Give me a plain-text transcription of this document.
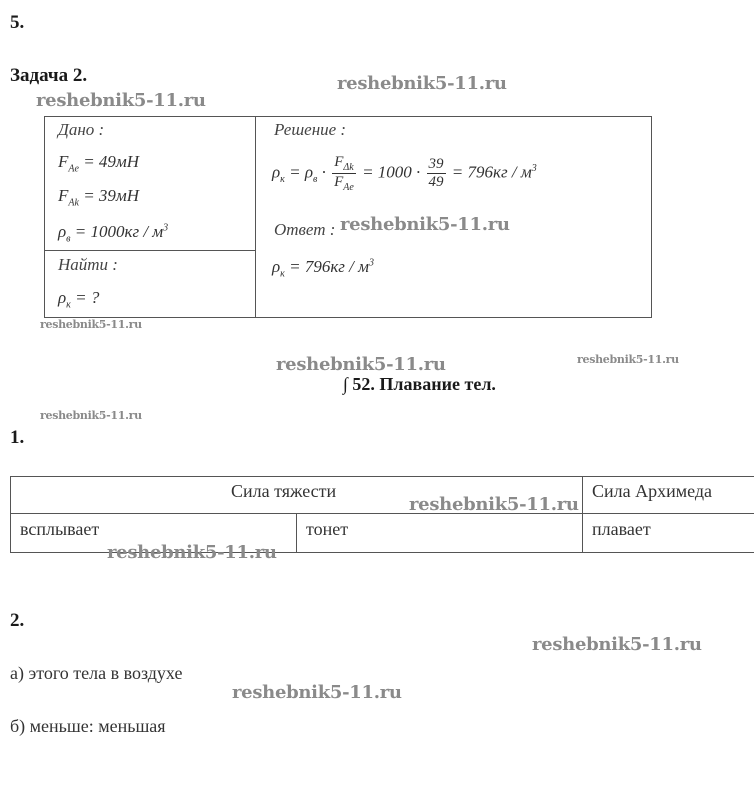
5.
Задача 2.
Дано :
$F_{Ae} = 49мН$
$F_{Ak} = 39мН$
$\rho_в = 1000кг / м^3$
Найти :
$\rho_к$ = ?
Решение :
$\rho_к = \rho_в \cdot \frac{F_{\Delta k}}{F_{Ae}} = 1000 \cdot \frac{39}{49} = 796кг / м^3$
Ответ :
$\rho_к = 796кг / м^3$
∫ 52. Плавание тел.
1.
Сила тяжести	Сила Архимеда
всплывает	тонет	плавает
2.
а) этого тела в воздухе
б) меньше: меньшая
reshebnik5-11.ru
reshebnik5-11.ru
reshebnik5-11.ru
reshebnik5-11.ru
reshebnik5-11.ru	reshebnik5-11.ru
reshebnik5-11.ru
reshebnik5-11.ru
reshebnik5-11.ru
reshebnik5-11.ru
reshebnik5-11.ru
